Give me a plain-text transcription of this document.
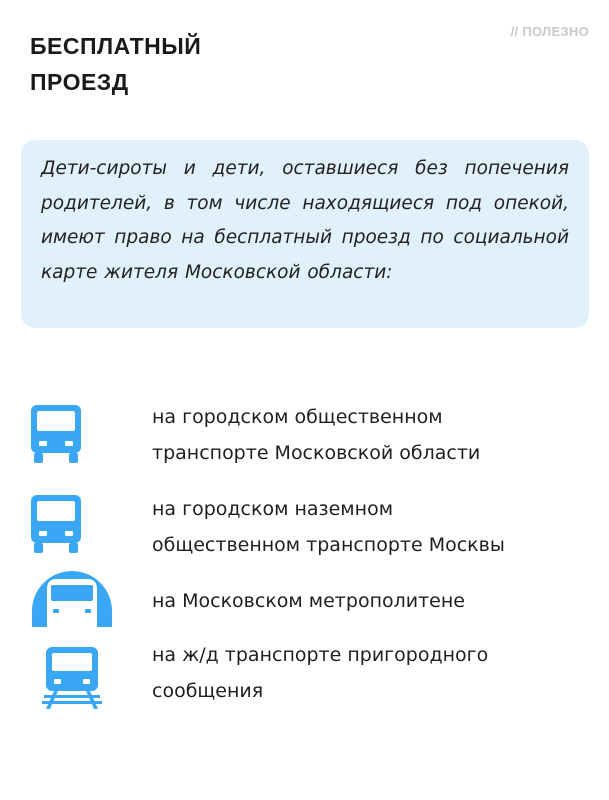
БЕСПЛАТНЫЙ
ПРОЕЗД
// ПОЛЕЗНО

Дети-сироты и дети, оставшиеся без попечения родителей, в том числе находящиеся под опекой, имеют право на бесплатный проезд по социальной карте жителя Московской области:

на городском общественном
транспорте Московской области
на городском наземном
общественном транспорте Москвы
на Московском метрополитене
на ж/д транспорте пригородного
сообщения
